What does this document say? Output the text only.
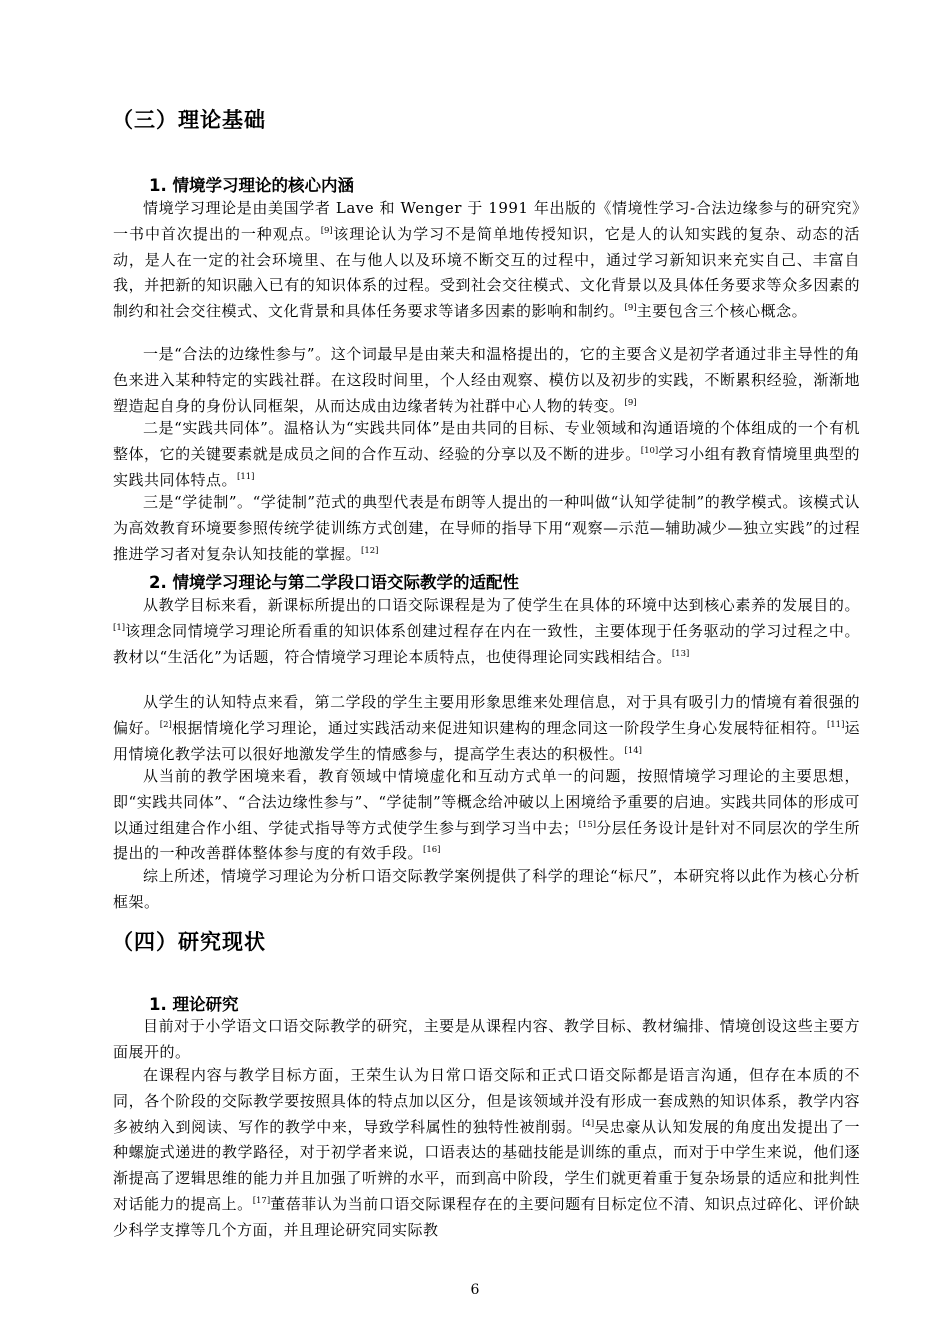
（三）理论基础
1. 情境学习理论的核心内涵

情境学习理论是由美国学者 Lave 和 Wenger 于 1991 年出版的《情境性学习-合法边缘参与的研究究》一书中首次提出的一种观点。[9]该理论认为学习不是简单地传授知识，它是人的认知实践的复杂、动态的活动，是人在一定的社会环境里、在与他人以及环境不断交互的过程中，通过学习新知识来充实自己、丰富自我，并把新的知识融入已有的知识体系的过程。受到社会交往模式、文化背景以及具体任务要求等众多因素的制约和社会交往模式、文化背景和具体任务要求等诸多因素的影响和制约。[9]主要包含三个核心概念。

一是“合法的边缘性参与”。这个词最早是由莱夫和温格提出的，它的主要含义是初学者通过非主导性的角色来进入某种特定的实践社群。在这段时间里，个人经由观察、模仿以及初步的实践，不断累积经验，渐渐地塑造起自身的身份认同框架，从而达成由边缘者转为社群中心人物的转变。[9]

二是“实践共同体”。温格认为“实践共同体”是由共同的目标、专业领域和沟通语境的个体组成的一个有机整体，它的关键要素就是成员之间的合作互动、经验的分享以及不断的进步。[10]学习小组有教育情境里典型的实践共同体特点。[11]

三是“学徒制”。“学徒制”范式的典型代表是布朗等人提出的一种叫做“认知学徒制”的教学模式。该模式认为高效教育环境要参照传统学徒训练方式创建，在导师的指导下用“观察—示范—辅助减少—独立实践”的过程推进学习者对复杂认知技能的掌握。[12]

2. 情境学习理论与第二学段口语交际教学的适配性

从教学目标来看，新课标所提出的口语交际课程是为了使学生在具体的环境中达到核心素养的发展目的。[1]该理念同情境学习理论所看重的知识体系创建过程存在内在一致性，主要体现于任务驱动的学习过程之中。教材以“生活化”为话题，符合情境学习理论本质特点，也使得理论同实践相结合。[13]

从学生的认知特点来看，第二学段的学生主要用形象思维来处理信息，对于具有吸引力的情境有着很强的偏好。[2]根据情境化学习理论，通过实践活动来促进知识建构的理念同这一阶段学生身心发展特征相符。[11]运用情境化教学法可以很好地激发学生的情感参与，提高学生表达的积极性。[14]

从当前的教学困境来看，教育领域中情境虚化和互动方式单一的问题，按照情境学习理论的主要思想，即“实践共同体”、“合法边缘性参与”、“学徒制”等概念给冲破以上困境给予重要的启迪。实践共同体的形成可以通过组建合作小组、学徒式指导等方式使学生参与到学习当中去；[15]分层任务设计是针对不同层次的学生所提出的一种改善群体整体参与度的有效手段。[16]

综上所述，情境学习理论为分析口语交际教学案例提供了科学的理论“标尺”，本研究将以此作为核心分析框架。

（四）研究现状
1. 理论研究

目前对于小学语文口语交际教学的研究，主要是从课程内容、教学目标、教材编排、情境创设这些主要方面展开的。

在课程内容与教学目标方面，王荣生认为日常口语交际和正式口语交际都是语言沟通，但存在本质的不同，各个阶段的交际教学要按照具体的特点加以区分，但是该领域并没有形成一套成熟的知识体系，教学内容多被纳入到阅读、写作的教学中来，导致学科属性的独特性被削弱。[4]吴忠豪从认知发展的角度出发提出了一种螺旋式递进的教学路径，对于初学者来说，口语表达的基础技能是训练的重点，而对于中学生来说，他们逐渐提高了逻辑思维的能力并且加强了听辨的水平，而到高中阶段，学生们就更着重于复杂场景的适应和批判性对话能力的提高上。[17]董蓓菲认为当前口语交际课程存在的主要问题有目标定位不清、知识点过碎化、评价缺少科学支撑等几个方面，并且理论研究同实际教

6
